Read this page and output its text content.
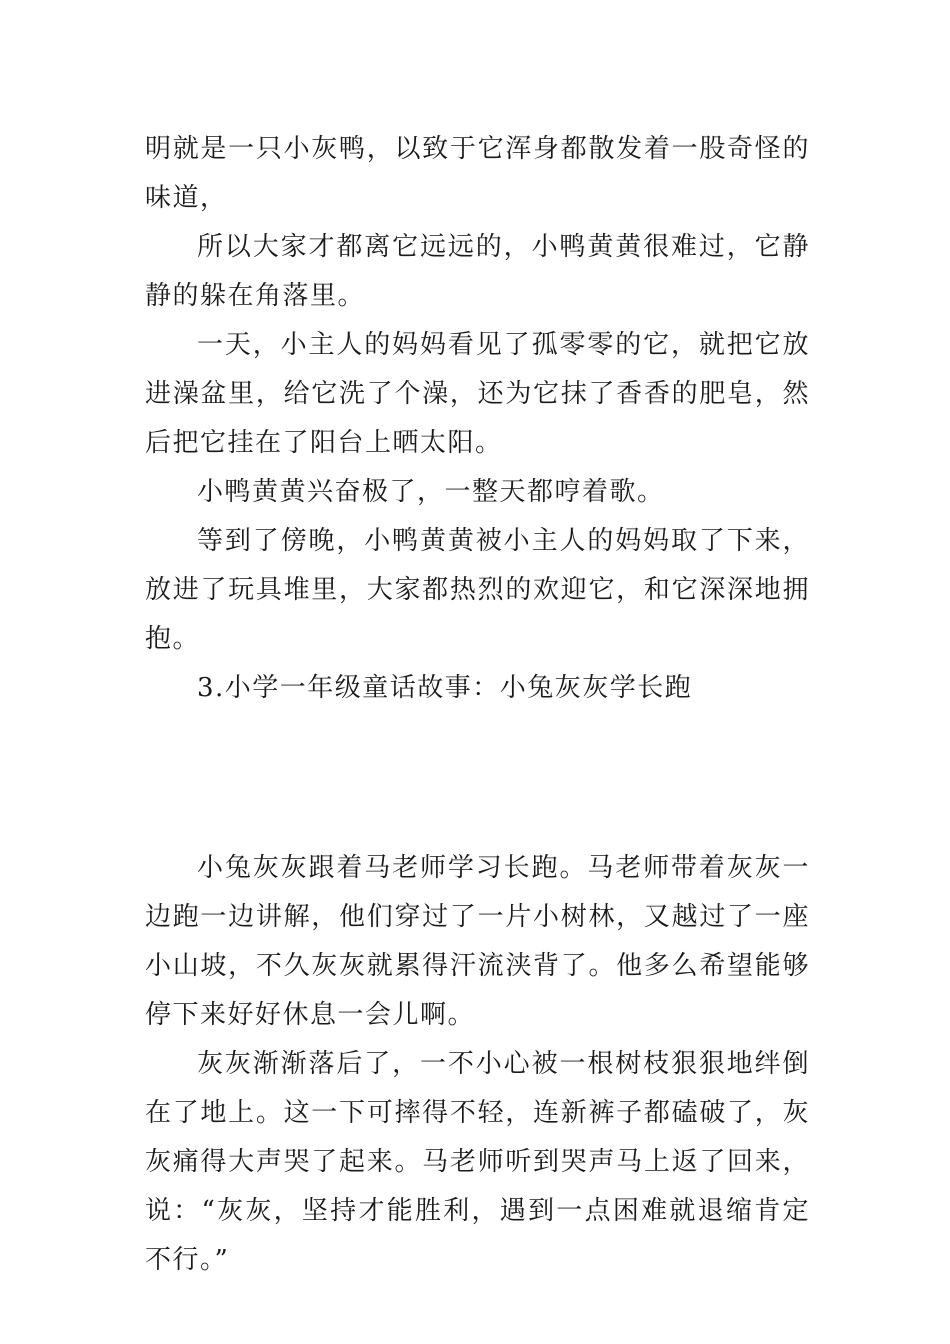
明就是一只小灰鸭，以致于它浑身都散发着一股奇怪的味道，

所以大家才都离它远远的，小鸭黄黄很难过，它静静的躲在角落里。

一天，小主人的妈妈看见了孤零零的它，就把它放进澡盆里，给它洗了个澡，还为它抹了香香的肥皂，然后把它挂在了阳台上晒太阳。

小鸭黄黄兴奋极了，一整天都哼着歌。

等到了傍晚，小鸭黄黄被小主人的妈妈取了下来，放进了玩具堆里，大家都热烈的欢迎它，和它深深地拥抱。

3.小学一年级童话故事：小兔灰灰学长跑

小兔灰灰跟着马老师学习长跑。马老师带着灰灰一边跑一边讲解，他们穿过了一片小树林，又越过了一座小山坡，不久灰灰就累得汗流浃背了。他多么希望能够停下来好好休息一会儿啊。

灰灰渐渐落后了，一不小心被一根树枝狠狠地绊倒在了地上。这一下可摔得不轻，连新裤子都磕破了，灰灰痛得大声哭了起来。马老师听到哭声马上返了回来，说：“灰灰，坚持才能胜利，遇到一点困难就退缩肯定不行。”
